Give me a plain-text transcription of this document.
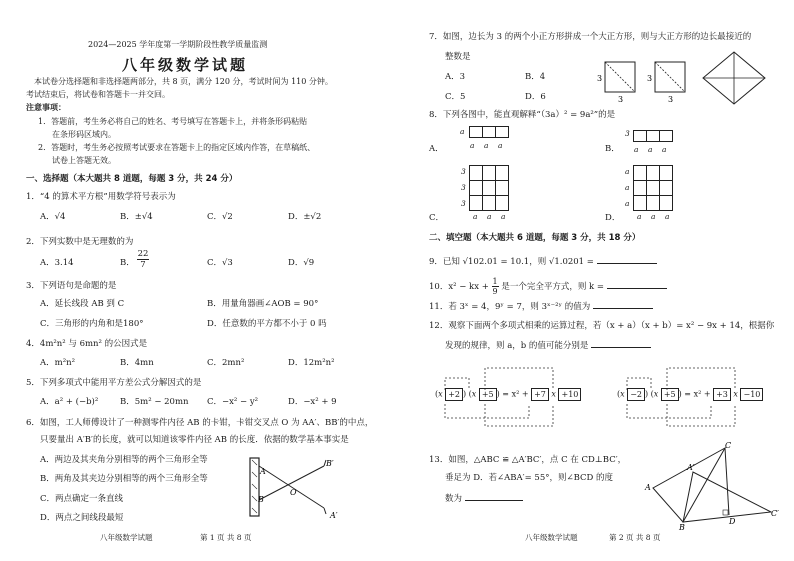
2024—2025 学年度第一学期阶段性教学质量监测
八年级数学试题
本试卷分选择题和非选择题两部分，共 8 页，满分 120 分，考试时间为 110 分钟。
考试结束后，将试卷和答题卡一并交回。
注意事项：
1．答题前，考生务必将自己的姓名、考号填写在答题卡上，并将条形码粘贴
在条形码区域内。
2．答题时，考生务必按照考试要求在答题卡上的指定区域内作答，在草稿纸、
试卷上答题无效。
一、选择题（本大题共 8 道题，每题 3 分，共 24 分）
1．“4 的算术平方根”用数学符号表示为
A．√4	B．±√4	C．√2	D．±√2
2．下列实数中是无理数的为
A．3.14	B． $\frac{22}{7}$	C．√3	D．√9
3．下列语句是命题的是
A．延长线段 AB 到 C	B．用量角器画∠AOB = 90°
C．三角形的内角和是180°	D．任意数的平方都不小于 0 吗
4．4m²n² 与 6mn² 的公因式是
A．m²n²	B．4mn	C．2mn²	D．12m²n²
5．下列多项式中能用平方差公式分解因式的是
A．a² + (−b)²	B．5m² − 20mn C．−x² − y²	D．−x² + 9
6．如图，工人师傅设计了一种测零件内径 AB 的卡钳，卡钳交叉点 O 为 AA′、BB′的中点，
只要量出 A′B′的长度，就可以知道该零件内径 AB 的长度．依据的数学基本事实是
A．两边及其夹角分别相等的两个三角形全等
B．两角及其夹边分别相等的两个三角形全等
C．两点确定一条直线
D．两点之间线段最短
A
B
O
B′
A′
八年级数学试题	第 1 页 共 8 页
7．如图，边长为 3 的两个小正方形拼成一个大正方形，则与大正方形的边长最接近的
整数是
A．3	B．4
C．5	D．6
3
3
3
3
8．下列各图中，能直观解释“（3a）² = 9a²”的是
A．
a

a a a	B．
3

a a a
C．
3
3
3

a a a	D．
a
a
a

a a a
二、填空题（本大题共 6 道题，每题 3 分，共 18 分）
9．已知 √102.01 = 10.1，则 √1.0201 =
10．x² − kx + $\frac{1}{9}$ 是一个完全平方式，则 k =
11．若 3ˣ = 4，9ʸ = 7，则 3ˣ⁻²ʸ 的值为
12．观察下面两个多项式相乘的运算过程，若（x + a）（x + b）= x² − 9x + 14，根据你
发现的规律，则 a，b 的值可能分别是
(x +2 ) (x +5 ) = x² + +7 x +10	(x −2 ) (x +5 ) = x² + +3 x −10
13．如图，△ABC ≌ △A′BC′，点 C 在 CD⊥BC′，
垂足为 D．若∠ABA′= 55°，则∠BCD 的度
数为
A
B
C
A′
C′
D
八年级数学试题	第 2 页 共 8 页
